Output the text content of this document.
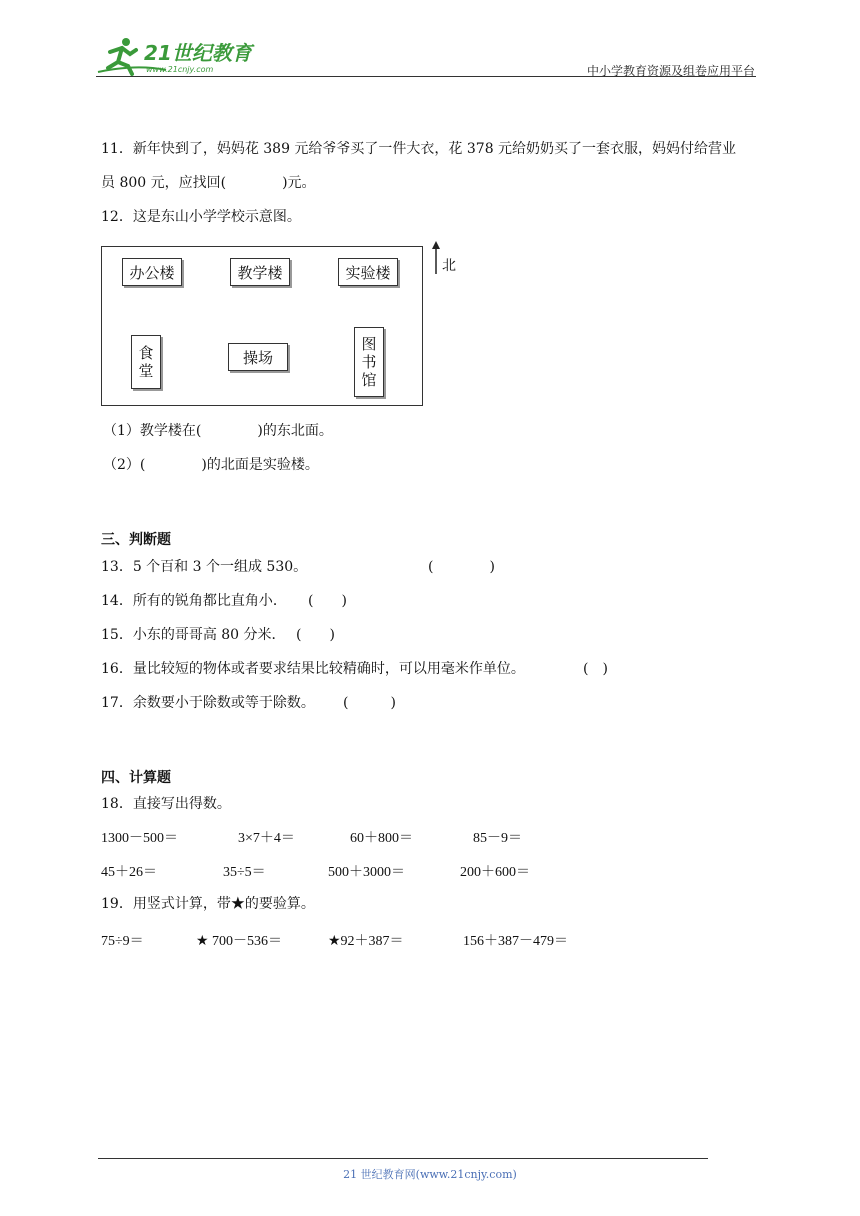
21世纪教育
www.21cnjy.com	中小学教育资源及组卷应用平台
11．新年快到了，妈妈花 389 元给爷爷买了一件大衣，花 378 元给奶奶买了一套衣服，妈妈付给营业
员 800 元，应找回(　　　　)元。
12．这是东山小学学校示意图。
办公楼	教学楼	实验楼
食
堂
操场
图
书
馆
北
（1）教学楼在(　　　　)的东北面。
（2）(　　　　)的北面是实验楼。
三、判断题
13．5 个百和 3 个一组成 530。	(　　　　)
14．所有的锐角都比直角小． (　　)
15．小东的哥哥高 80 分米． (　　)
16．量比较短的物体或者要求结果比较精确时，可以用毫米作单位。	(　)
17．余数要小于除数或等于除数。 (　　　)
四、计算题
18．直接写出得数。
1300－500＝	3×7＋4＝	60＋800＝	85－9＝
45＋26＝	35÷5＝	500＋3000＝	200＋600＝
19．用竖式计算，带★的要验算。
75÷9＝	★ 700－536＝	★92＋387＝	156＋387－479＝
21 世纪教育网(www.21cnjy.com)
